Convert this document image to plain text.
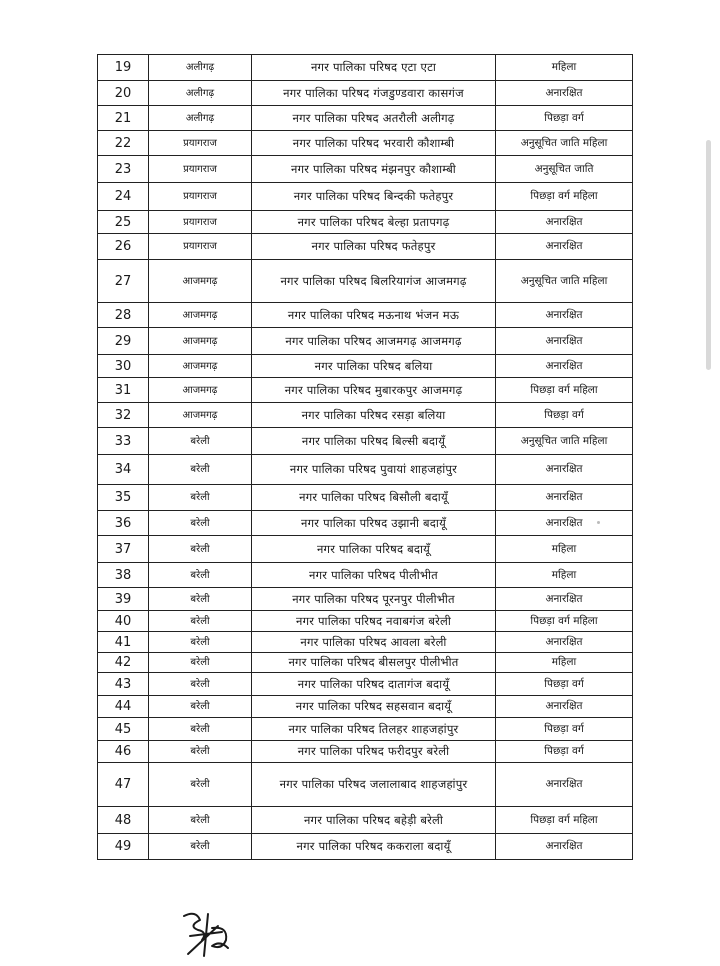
19	अलीगढ़	नगर पालिका परिषद एटा एटा	महिला
20	अलीगढ़	नगर पालिका परिषद गंजडुण्डवारा कासगंज	अनारक्षित
21	अलीगढ़	नगर पालिका परिषद अतरौली अलीगढ़	पिछड़ा वर्ग
22	प्रयागराज	नगर पालिका परिषद भरवारी कौशाम्बी	अनुसूचित जाति महिला
23	प्रयागराज	नगर पालिका परिषद मंझनपुर कौशाम्बी	अनुसूचित जाति
24	प्रयागराज	नगर पालिका परिषद बिन्दकी फतेहपुर	पिछड़ा वर्ग महिला
25	प्रयागराज	नगर पालिका परिषद बेल्हा प्रतापगढ़	अनारक्षित
26	प्रयागराज	नगर पालिका परिषद फतेहपुर	अनारक्षित
27	आजमगढ़	नगर पालिका परिषद बिलरियागंज आजमगढ़	अनुसूचित जाति महिला
28	आजमगढ़	नगर पालिका परिषद मऊनाथ भंजन मऊ	अनारक्षित
29	आजमगढ़	नगर पालिका परिषद आजमगढ़ आजमगढ़	अनारक्षित
30	आजमगढ़	नगर पालिका परिषद बलिया	अनारक्षित
31	आजमगढ़	नगर पालिका परिषद मुबारकपुर आजमगढ़	पिछड़ा वर्ग महिला
32	आजमगढ़	नगर पालिका परिषद रसड़ा बलिया	पिछड़ा वर्ग
33	बरेली	नगर पालिका परिषद बिल्सी बदायूँ	अनुसूचित जाति महिला
34	बरेली	नगर पालिका परिषद पुवायां शाहजहांपुर	अनारक्षित
35	बरेली	नगर पालिका परिषद बिसौली बदायूँ	अनारक्षित
36	बरेली	नगर पालिका परिषद उझानी बदायूँ	अनारक्षित
37	बरेली	नगर पालिका परिषद बदायूँ	महिला
38	बरेली	नगर पालिका परिषद पीलीभीत	महिला
39	बरेली	नगर पालिका परिषद पूरनपुर पीलीभीत	अनारक्षित
40	बरेली	नगर पालिका परिषद नवाबगंज बरेली	पिछड़ा वर्ग महिला
41	बरेली	नगर पालिका परिषद आवला बरेली	अनारक्षित
42	बरेली	नगर पालिका परिषद बीसलपुर पीलीभीत	महिला
43	बरेली	नगर पालिका परिषद दातागंज बदायूँ	पिछड़ा वर्ग
44	बरेली	नगर पालिका परिषद सहसवान बदायूँ	अनारक्षित
45	बरेली	नगर पालिका परिषद तिलहर शाहजहांपुर	पिछड़ा वर्ग
46	बरेली	नगर पालिका परिषद फरीदपुर बरेली	पिछड़ा वर्ग
47	बरेली	नगर पालिका परिषद जलालाबाद शाहजहांपुर	अनारक्षित
48	बरेली	नगर पालिका परिषद बहेड़ी बरेली	पिछड़ा वर्ग महिला
49	बरेली	नगर पालिका परिषद ककराला बदायूँ	अनारक्षित
